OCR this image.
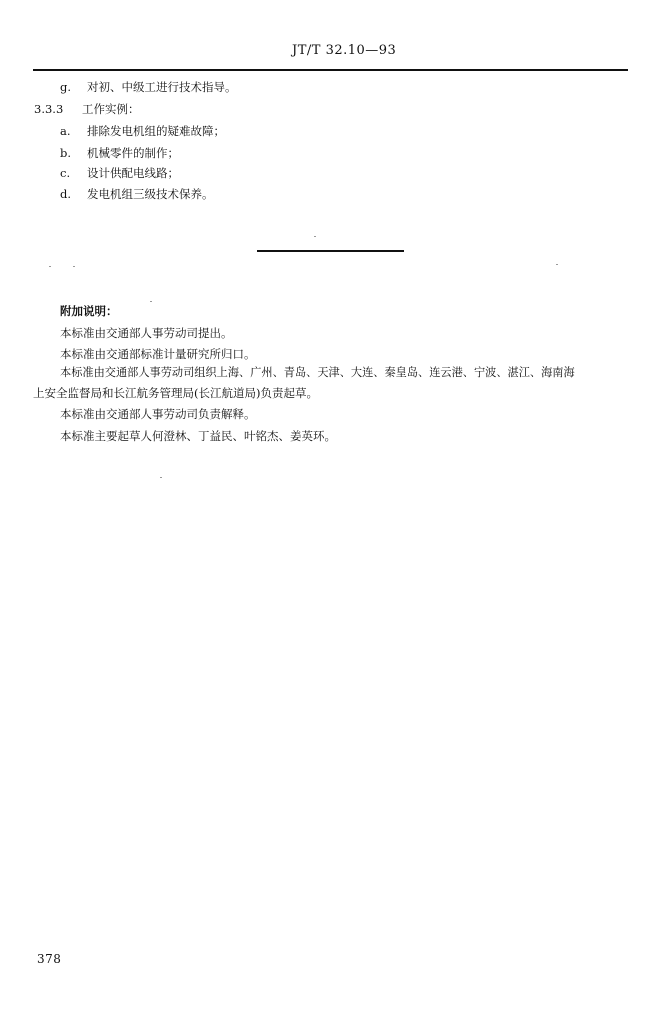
JT/T 32.10—93
g.	对初、中级工进行技术指导。
3.3.3 工作实例：
a.	排除发电机组的疑难故障；
b.	机械零件的制作；
c.	设计供配电线路；
d.	发电机组三级技术保养。
附加说明：
本标准由交通部人事劳动司提出。
本标准由交通部标准计量研究所归口。
本标准由交通部人事劳动司组织上海、广州、青岛、天津、大连、秦皇岛、连云港、宁波、湛江、海南海
上安全监督局和长江航务管理局(长江航道局)负责起草。
本标准由交通部人事劳动司负责解释。
本标准主要起草人何澄林、丁益民、叶铭杰、姜英环。
378
